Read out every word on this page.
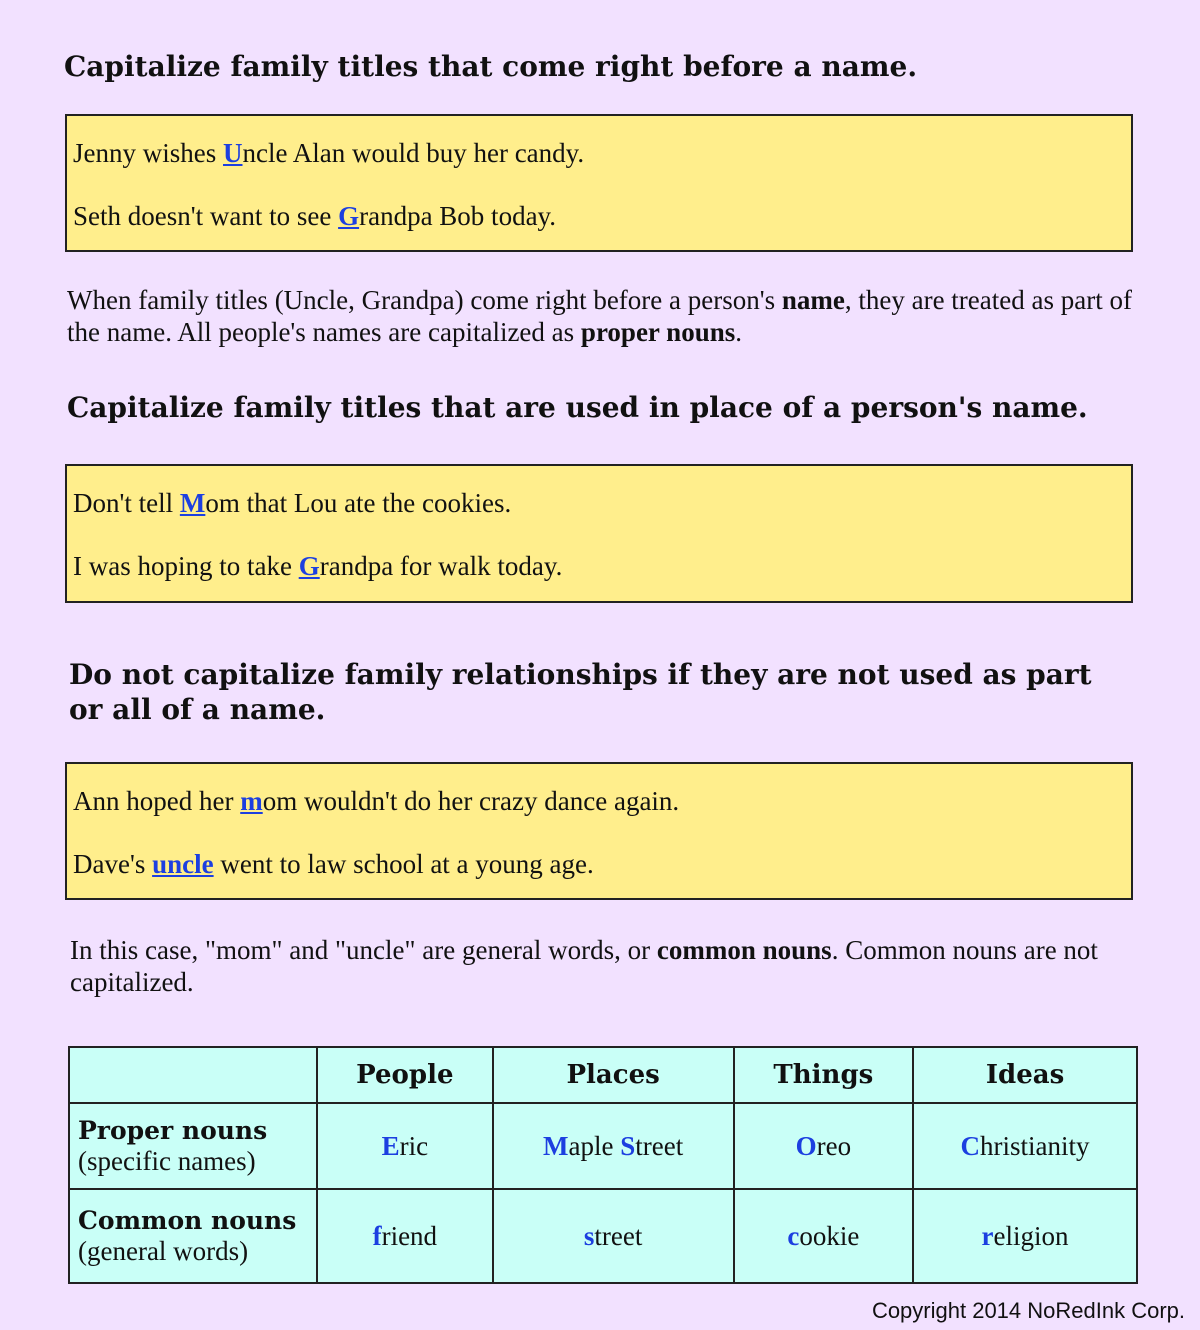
Capitalize family titles that come right before a name.

Jenny wishes Uncle Alan would buy her candy.

Seth doesn't want to see Grandpa Bob today.

When family titles (Uncle, Grandpa) come right before a person's name, they are treated as part of the name. All people's names are capitalized as proper nouns.

Capitalize family titles that are used in place of a person's name.

Don't tell Mom that Lou ate the cookies.

I was hoping to take Grandpa for walk today.

Do not capitalize family relationships if they are not used as part or all of a name.

Ann hoped her mom wouldn't do her crazy dance again.

Dave's uncle went to law school at a young age.

In this case, "mom" and "uncle" are general words, or common nouns. Common nouns are not capitalized.

	People	Places	Things	Ideas
Proper nouns
(specific names)	Eric	Maple Street	Oreo	Christianity
Common nouns
(general words)	friend	street	cookie	religion

Copyright 2014 NoRedInk Corp.
